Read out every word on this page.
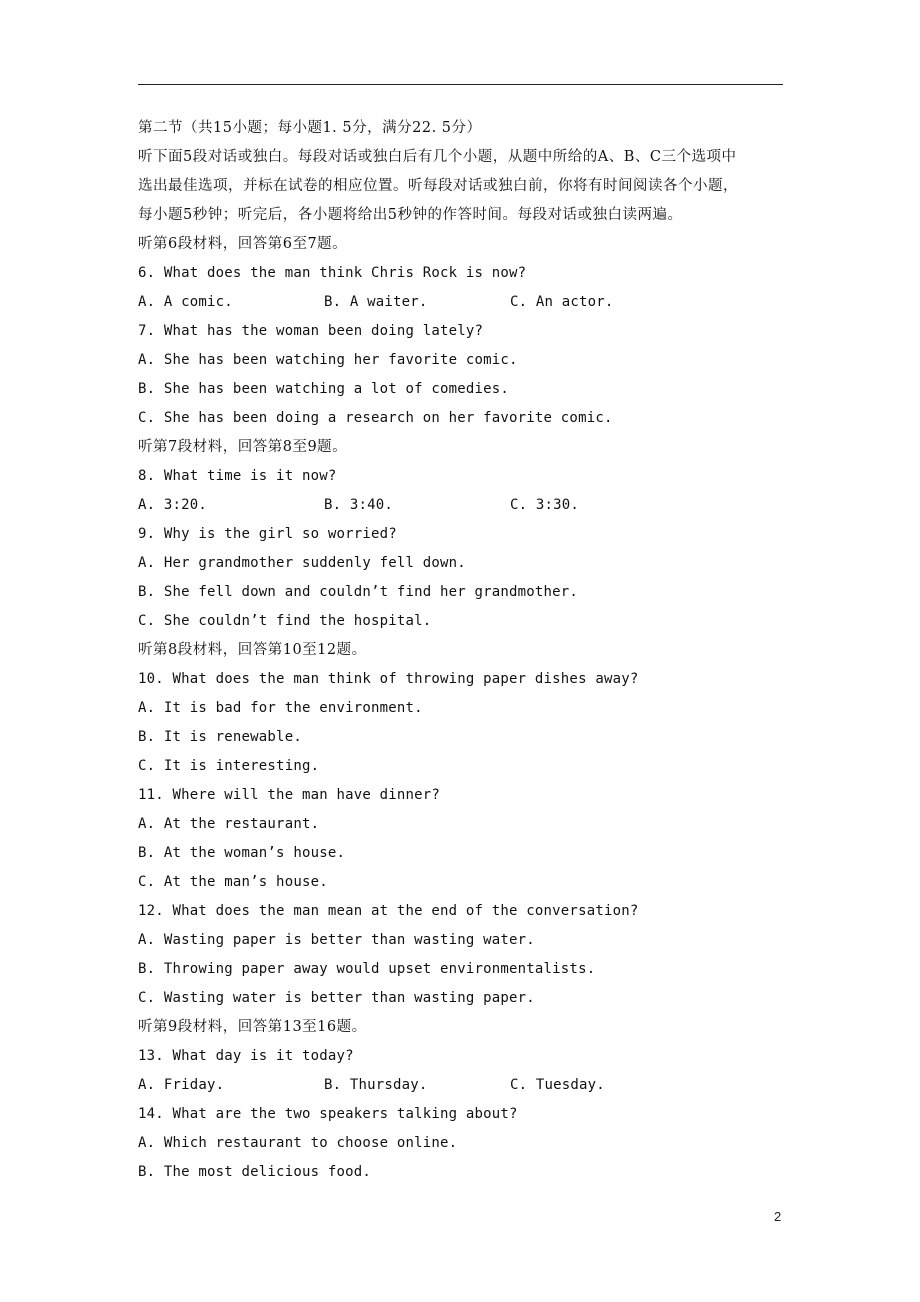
第二节（共15小题；每小题1. 5分，满分22. 5分）
听下面5段对话或独白。每段对话或独白后有几个小题，从题中所给的A、B、C三个选项中
选出最佳选项，并标在试卷的相应位置。听每段对话或独白前，你将有时间阅读各个小题，
每小题5秒钟；听完后，各小题将给出5秒钟的作答时间。每段对话或独白读两遍。
听第6段材料，回答第6至7题。
6. What does the man think Chris Rock is now?
A. A comic.	B. A waiter.	C. An actor.
7. What has the woman been doing lately?
A. She has been watching her favorite comic.
B. She has been watching a lot of comedies.
C. She has been doing a research on her favorite comic.
听第7段材料，回答第8至9题。
8. What time is it now?
A. 3:20.	B. 3:40.	C. 3:30.
9. Why is the girl so worried?
A. Her grandmother suddenly fell down.
B. She fell down and couldn’t find her grandmother.
C. She couldn’t find the hospital.
听第8段材料，回答第10至12题。
10. What does the man think of throwing paper dishes away?
A. It is bad for the environment.
B. It is renewable.
C. It is interesting.
11. Where will the man have dinner?
A. At the restaurant.
B. At the woman’s house.
C. At the man’s house.
12. What does the man mean at the end of the conversation?
A. Wasting paper is better than wasting water.
B. Throwing paper away would upset environmentalists.
C. Wasting water is better than wasting paper.
听第9段材料，回答第13至16题。
13. What day is it today?
A. Friday.	B. Thursday.	C. Tuesday.
14. What are the two speakers talking about?
A. Which restaurant to choose online.
B. The most delicious food.
2
